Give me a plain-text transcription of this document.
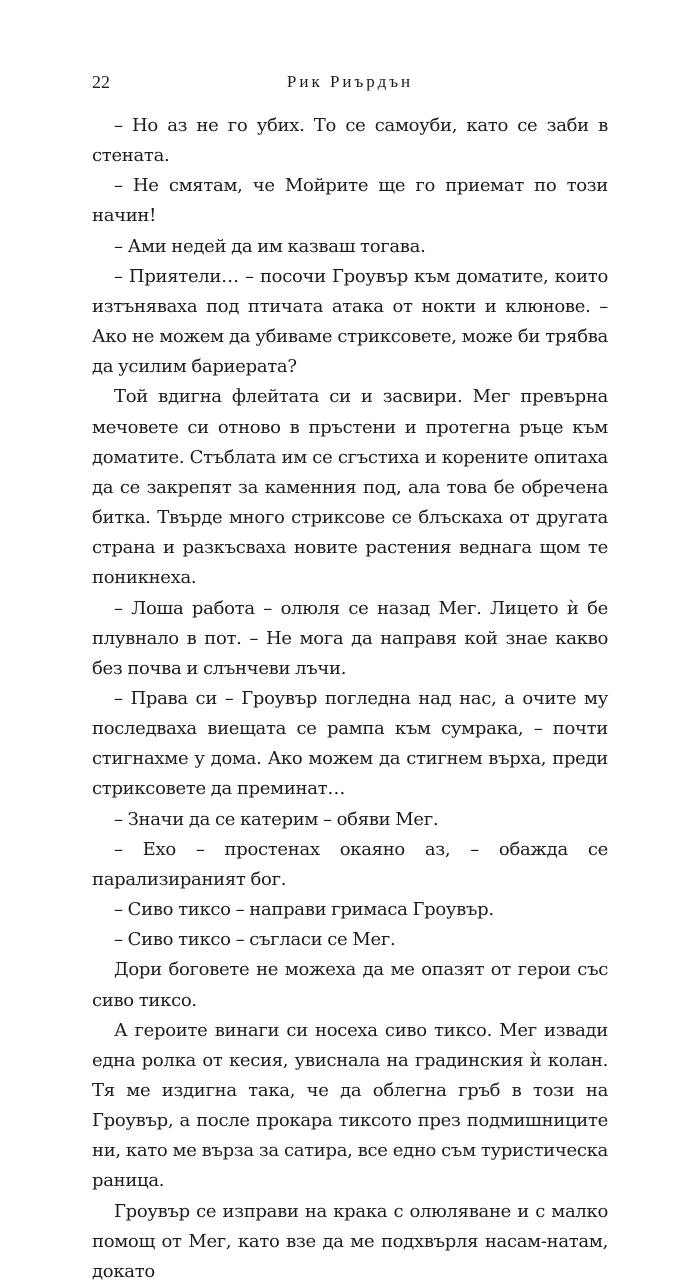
22	Рик Риърдън

– Но аз не го убих. То се самоуби, като се заби в стената.

– Не смятам, че Мойрите ще го приемат по този начин!

– Ами недей да им казваш тогава.

– Приятели… – посочи Гроувър към доматите, които изтъняваха под птичата атака от нокти и клюнове. – Ако не можем да убиваме стриксовете, може би трябва да усилим бариерата?

Той вдигна флейтата си и засвири. Мег превърна мечовете си отново в пръстени и протегна ръце към доматите. Стъблата им се сгъстиха и корените опитаха да се закрепят за каменния под, ала това бе обречена битка. Твърде много стриксове се блъскаха от другата страна и разкъсваха новите растения веднага щом те поникнеха.

– Лоша работа – олюля се назад Мег. Лицето ѝ бе плувнало в пот. – Не мога да направя кой знае какво без почва и слънчеви лъчи.

– Права си – Гроувър погледна над нас, а очите му последваха виещата се рампа към сумрака, – почти стигнахме у дома. Ако можем да стигнем върха, преди стриксовете да преминат…

– Значи да се катерим – обяви Мег.

– Ехо – простенах окаяно аз, – обажда се парализираният бог.

– Сиво тиксо – направи гримаса Гроувър.

– Сиво тиксо – съгласи се Мег.

Дори боговете не можеха да ме опазят от герои със сиво тиксо.

А героите винаги си носеха сиво тиксо. Мег извади една ролка от кесия, увиснала на градинския ѝ колан. Тя ме издигна така, че да облегна гръб в този на Гроувър, а после прокара тиксото през подмишниците ни, като ме върза за сатира, все едно съм туристическа раница.

Гроувър се изправи на крака с олюляване и с малко помощ от Мег, като взе да ме подхвърля насам-натам, докато
